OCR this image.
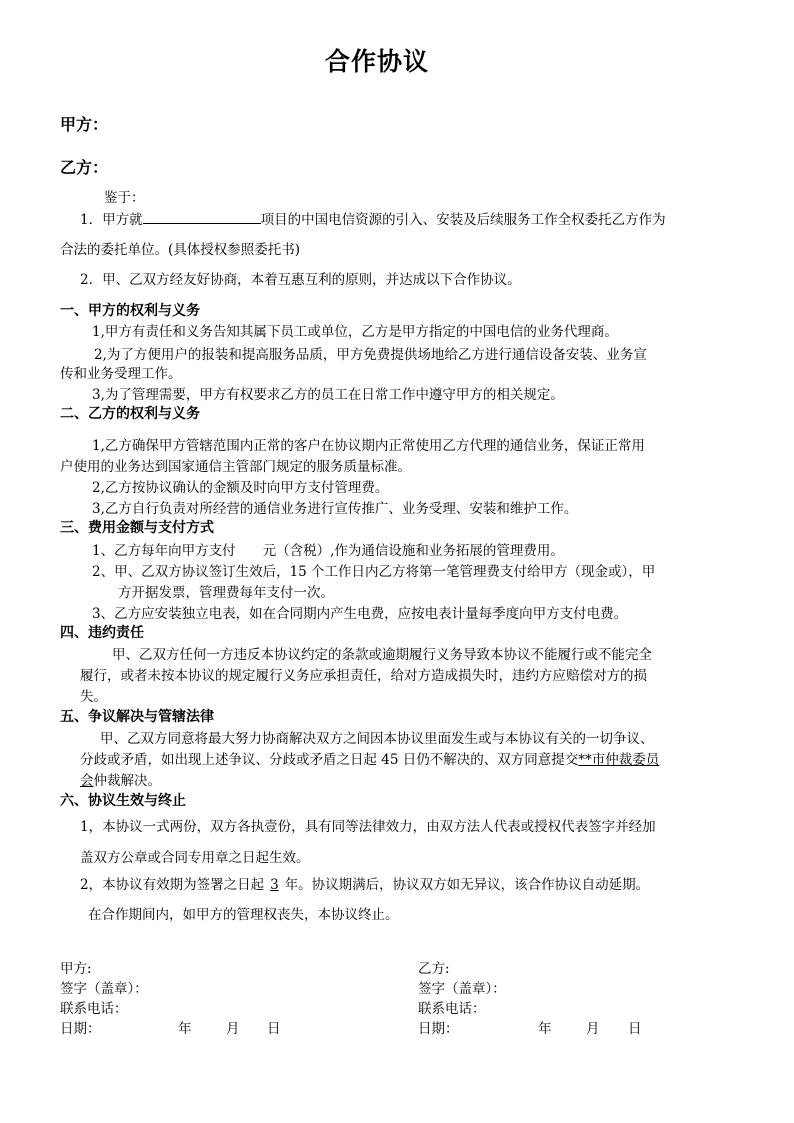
合作协议
甲方：
乙方：
鉴于：
1．甲方就	项目的中国电信资源的引入、安装及后续服务工作全权委托乙方作为
合法的委托单位。(具体授权参照委托书)
2．甲、乙双方经友好协商，本着互惠互利的原则，并达成以下合作协议。
一、甲方的权利与义务
1,甲方有责任和义务告知其属下员工或单位，乙方是甲方指定的中国电信的业务代理商。
2,为了方便用户的报装和提高服务品质，甲方免费提供场地给乙方进行通信设备安装、业务宣
传和业务受理工作。
3,为了管理需要，甲方有权要求乙方的员工在日常工作中遵守甲方的相关规定。
二、乙方的权利与义务
1,乙方确保甲方管辖范围内正常的客户在协议期内正常使用乙方代理的通信业务，保证正常用
户使用的业务达到国家通信主管部门规定的服务质量标准。
2,乙方按协议确认的金额及时向甲方支付管理费。
3,乙方自行负责对所经营的通信业务进行宣传推广、业务受理、安装和维护工作。
三、费用金额与支付方式
1、乙方每年向甲方支付　　元（含税）,作为通信设施和业务拓展的管理费用。
2、甲、乙双方协议签订生效后，15 个工作日内乙方将第一笔管理费支付给甲方（现金或），甲
方开据发票，管理费每年支付一次。
3、乙方应安装独立电表，如在合同期内产生电费，应按电表计量每季度向甲方支付电费。
四、违约责任
甲、乙双方任何一方违反本协议约定的条款或逾期履行义务导致本协议不能履行或不能完全
履行，或者未按本协议的规定履行义务应承担责任，给对方造成损失时，违约方应赔偿对方的损
失。
五、争议解决与管辖法律
甲、乙双方同意将最大努力协商解决双方之间因本协议里面发生或与本协议有关的一切争议、
分歧或矛盾，如出现上述争议、分歧或矛盾之日起 45 日仍不解决的、双方同意提交**市仲裁委员
会仲裁解决。
六、协议生效与终止
1，本协议一式两份，双方各执壹份，具有同等法律效力，由双方法人代表或授权代表签字并经加
盖双方公章或合同专用章之日起生效。
2，本协议有效期为签署之日起 3 年。协议期满后，协议双方如无异议，该合作协议自动延期。
在合作期间内，如甲方的管理权丧失，本协议终止。
甲方:
签字（盖章）：
联系电话：
日期：	年	月 日
乙方:
签字（盖章）：
联系电话：
日期：	年	月 日
